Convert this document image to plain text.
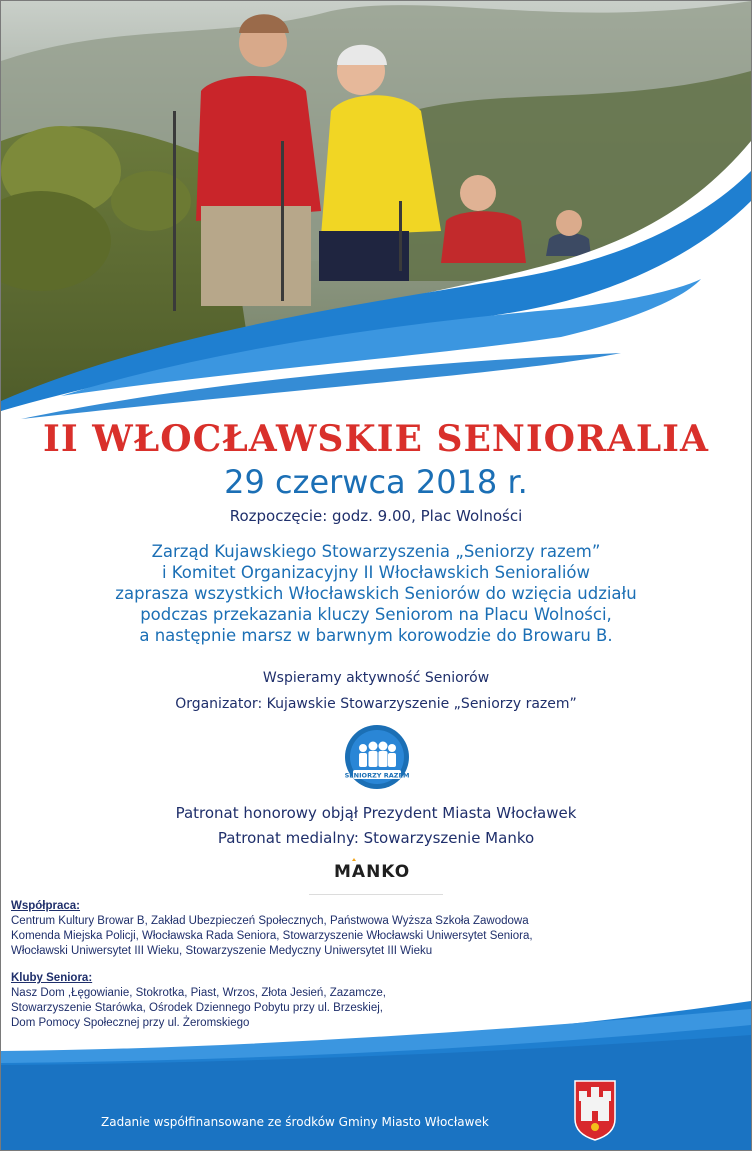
II WŁOCŁAWSKIE SENIORALIA
29 czerwca 2018 r.
Rozpoczęcie: godz. 9.00, Plac Wolności
Zarząd Kujawskiego Stowarzyszenia „Seniorzy razem”
i Komitet Organizacyjny II Włocławskich Senioraliów
zaprasza wszystkich Włocławskich Seniorów do wzięcia udziału
podczas przekazania kluczy Seniorom na Placu Wolności,
a następnie marsz w barwnym korowodzie do Browaru B.
Wspieramy aktywność Seniorów
Organizator: Kujawskie Stowarzyszenie „Seniorzy razem”
SENIORZY RAZEM
Patronat honorowy objął Prezydent Miasta Włocławek
Patronat medialny: Stowarzyszenie Manko
MANKO
Współpraca:
Centrum Kultury Browar B, Zakład Ubezpieczeń Społecznych, Państwowa Wyższa Szkoła Zawodowa
Komenda Miejska Policji, Włocławska Rada Seniora, Stowarzyszenie Włocławski Uniwersytet Seniora,
Włocławski Uniwersytet III Wieku, Stowarzyszenie Medyczny Uniwersytet III Wieku
Kluby Seniora:
Nasz Dom ,Łęgowianie, Stokrotka, Piast, Wrzos, Złota Jesień, Zazamcze,
Stowarzyszenie Starówka, Ośrodek Dziennego Pobytu przy ul. Brzeskiej,
Dom Pomocy Społecznej przy ul. Żeromskiego
Zadanie współfinansowane ze środków Gminy Miasto Włocławek
